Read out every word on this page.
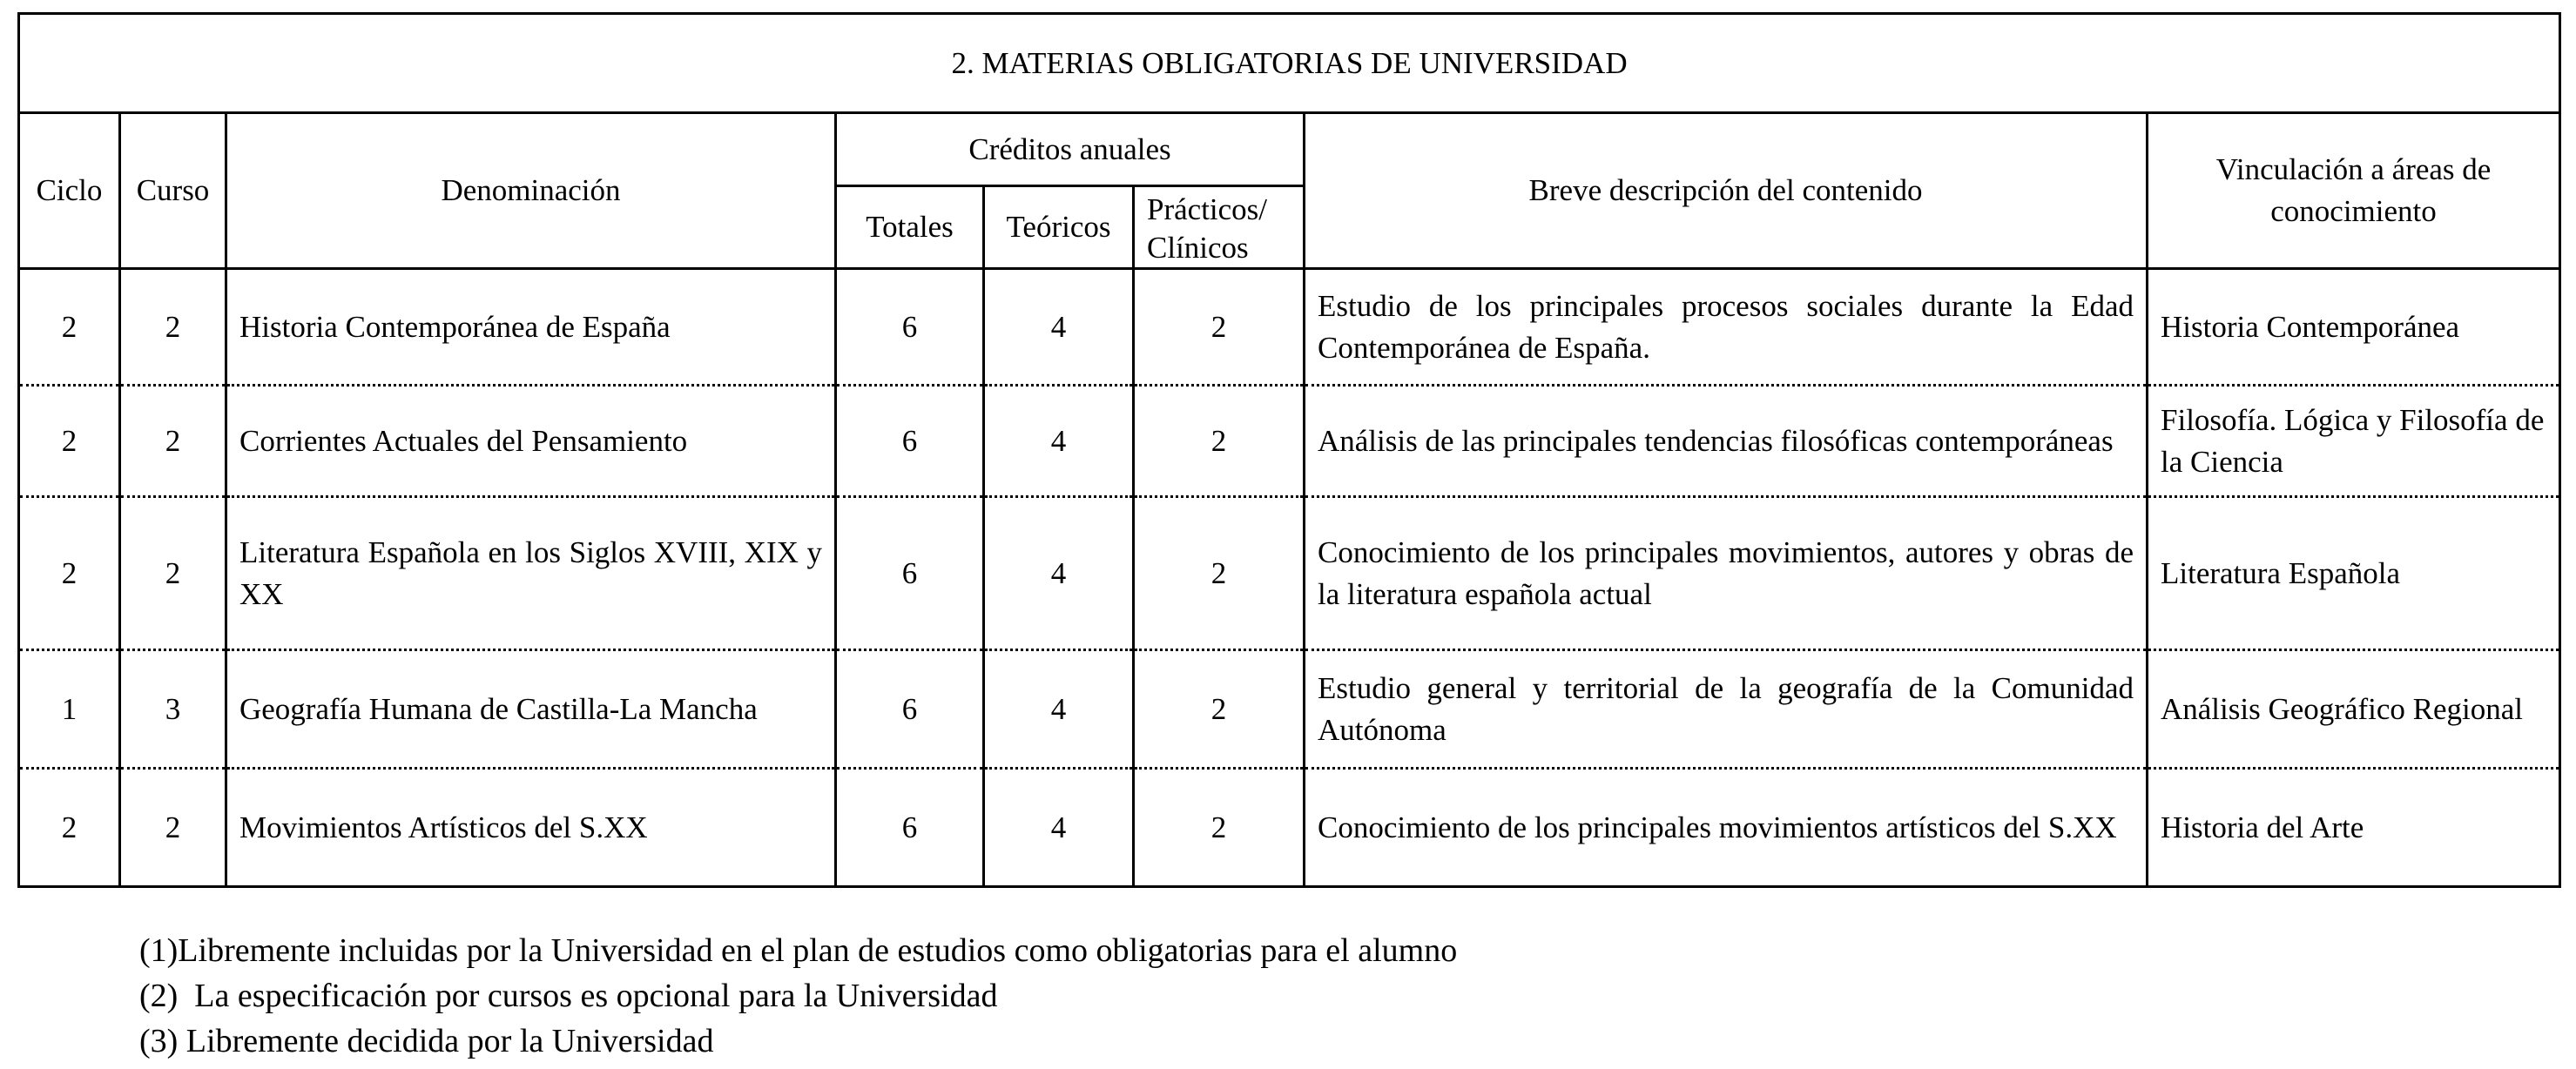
2. MATERIAS OBLIGATORIAS DE UNIVERSIDAD							
Ciclo	Curso	Denominación	Créditos anuales			Breve descripción del contenido	Vinculación a áreas de conocimiento
			Totales	Teóricos	Prácticos/ Clínicos		
2	2	Historia Contemporánea de España	6	4	2	Estudio de los principales procesos sociales durante la Edad Contemporánea de España.	Historia Contemporánea
2	2	Corrientes Actuales del Pensamiento	6	4	2	Análisis de las principales tendencias filosóficas contemporáneas	Filosofía. Lógica y Filosofía de la Ciencia
2	2	Literatura Española en los Siglos XVIII, XIX y XX	6	4	2	Conocimiento de los principales movimientos, autores y obras de la literatura española actual	Literatura Española
1	3	Geografía Humana de Castilla-La Mancha	6	4	2	Estudio general y territorial de la geografía de la Comunidad Autónoma	Análisis Geográfico Regional
2	2	Movimientos Artísticos del S.XX	6	4	2	Conocimiento de los principales movimientos artísticos del S.XX	Historia del Arte
(1)Libremente incluidas por la Universidad en el plan de estudios como obligatorias para el alumno
(2)  La especificación por cursos es opcional para la Universidad
(3) Libremente decidida por la Universidad
